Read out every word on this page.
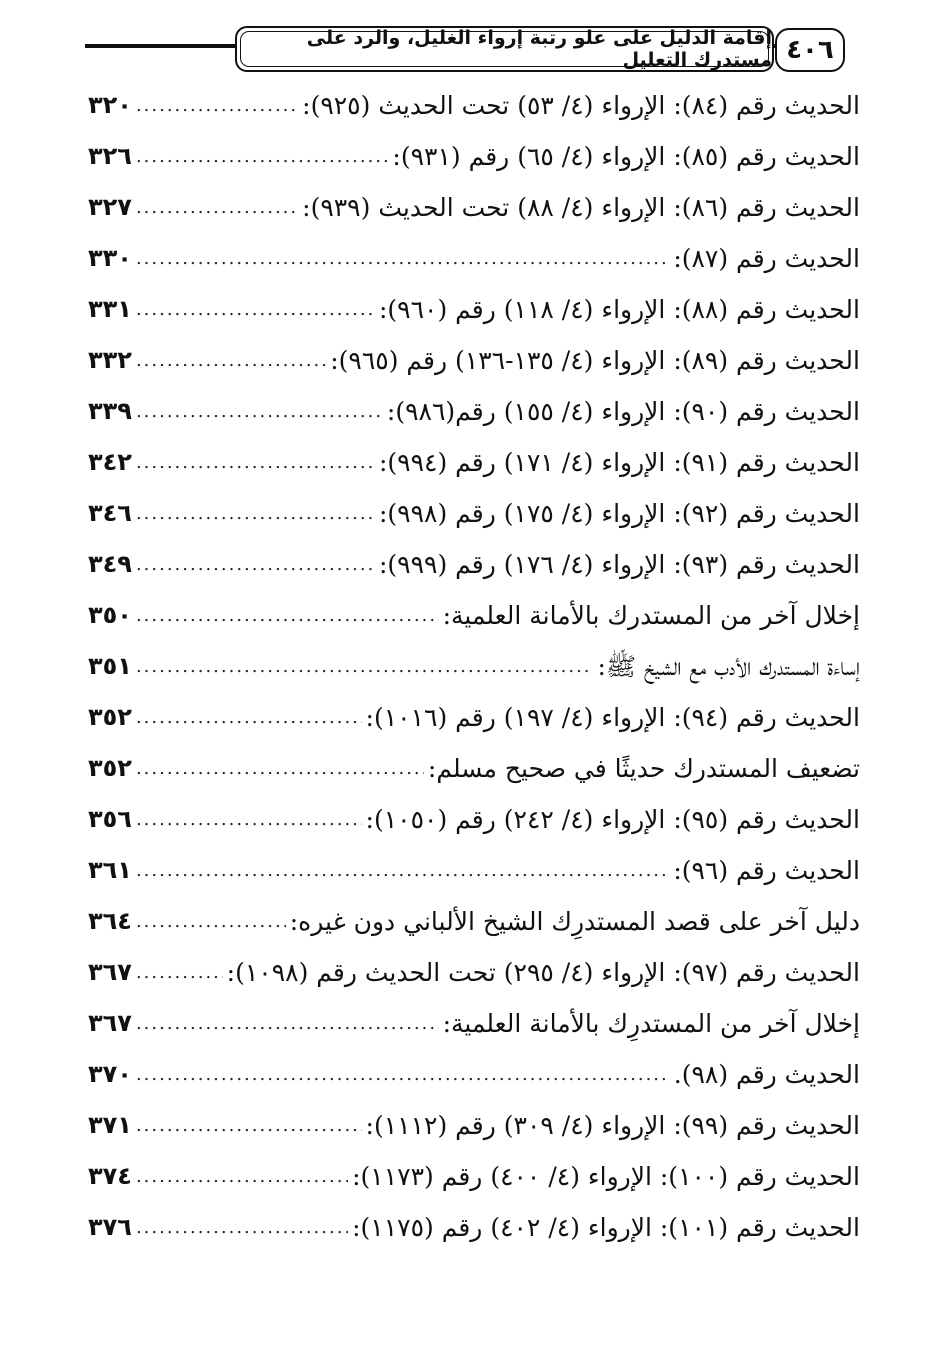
إقامة الدليل على علو رتبة إرواء الغليل، والرد على مستدرك التعليل ٤٠٦
الحديث رقم (٨٤): الإرواء (٤/ ٥٣) تحت الحديث (٩٢٥):
.....
٣٢٠
الحديث رقم (٨٥): الإرواء (٤/ ٦٥) رقم (٩٣١):
.....
٣٢٦
الحديث رقم (٨٦): الإرواء (٤/ ٨٨) تحت الحديث (٩٣٩):
.....
٣٢٧
الحديث رقم (٨٧):
.....
٣٣٠
الحديث رقم (٨٨): الإرواء (٤/ ١١٨) رقم (٩٦٠):
.....
٣٣١
الحديث رقم (٨٩): الإرواء (٤/ ١٣٥-١٣٦) رقم (٩٦٥):
.....
٣٣٢
الحديث رقم (٩٠): الإرواء (٤/ ١٥٥) رقم(٩٨٦):
.....
٣٣٩
الحديث رقم (٩١): الإرواء (٤/ ١٧١) رقم (٩٩٤):
.....
٣٤٢
الحديث رقم (٩٢): الإرواء (٤/ ١٧٥) رقم (٩٩٨):
.....
٣٤٦
الحديث رقم (٩٣): الإرواء (٤/ ١٧٦) رقم (٩٩٩):
.....
٣٤٩
إخلال آخر من المستدرك بالأمانة العلمية:
.....
٣٥٠
إساءة المستدرك الأدب مع الشيخ ﷺ:
.....
٣٥١
الحديث رقم (٩٤): الإرواء (٤/ ١٩٧) رقم (١٠١٦):
.....
٣٥٢
تضعيف المستدرك حديثًا في صحيح مسلم:
.....
٣٥٢
الحديث رقم (٩٥): الإرواء (٤/ ٢٤٢) رقم (١٠٥٠):
.....
٣٥٦
الحديث رقم (٩٦):
.....
٣٦١
دليل آخر على قصد المستدرِك الشيخ الألباني دون غيره:
.....
٣٦٤
الحديث رقم (٩٧): الإرواء (٤/ ٢٩٥) تحت الحديث رقم (١٠٩٨):
.....
٣٦٧
إخلال آخر من المستدرِك بالأمانة العلمية:
.....
٣٦٧
الحديث رقم (٩٨).
.....
٣٧٠
الحديث رقم (٩٩): الإرواء (٤/ ٣٠٩) رقم (١١١٢):
.....
٣٧١
الحديث رقم (١٠٠): الإرواء (٤/ ٤٠٠) رقم (١١٧٣):
.....
٣٧٤
الحديث رقم (١٠١): الإرواء (٤/ ٤٠٢) رقم (١١٧٥):
.....
٣٧٦
